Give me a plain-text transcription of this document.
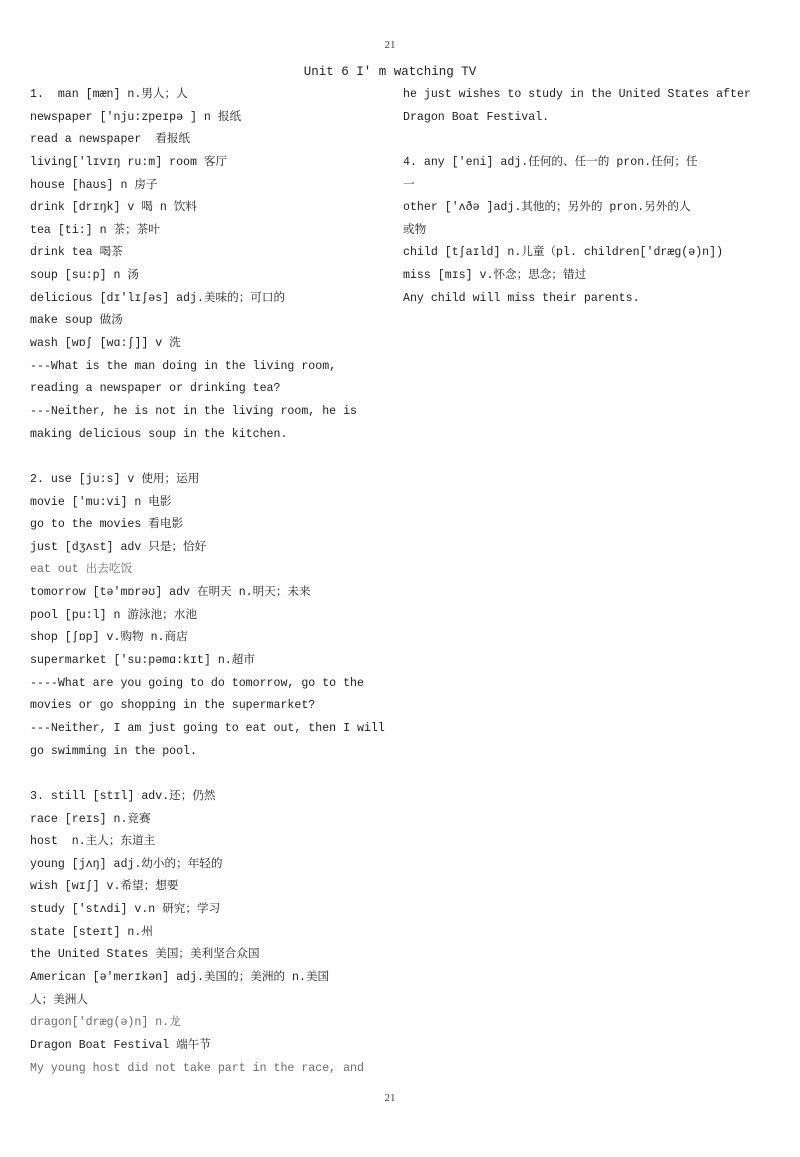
21
Unit 6 I' m watching TV
1.  man [mæn] n.男人；人
newspaper ['nju:zpeɪpə ] n 报纸
read a newspaper  看报纸
living['lɪvɪŋ ru:m] room 客厅
house [haʊs] n 房子
drink [drɪŋk] v 喝 n 饮料
tea [ti:] n 茶；茶叶
drink tea 喝茶
soup [su:p] n 汤
delicious [dɪ'lɪʃəs] adj.美味的；可口的
make soup 做汤
wash [wɒʃ [wɑ:ʃ]] v 洗
---What is the man doing in the living room,
reading a newspaper or drinking tea?
---Neither, he is not in the living room, he is
making delicious soup in the kitchen.
2. use [ju:s] v 使用；运用
movie ['mu:vi] n 电影
go to the movies 看电影
just [dʒʌst] adv 只是；恰好
eat out 出去吃饭
tomorrow [tə'mɒrəʊ] adv 在明天 n.明天；未来
pool [pu:l] n 游泳池；水池
shop [ʃɒp] v.购物 n.商店
supermarket ['su:pəmɑ:kɪt] n.超市
----What are you going to do tomorrow, go to the
movies or go shopping in the supermarket?
---Neither, I am just going to eat out, then I will
go swimming in the pool.
3. still [stɪl] adv.还；仍然
race [reɪs] n.竞赛
host  n.主人；东道主
young [jʌŋ] adj.幼小的；年轻的
wish [wɪʃ] v.希望；想要
study ['stʌdi] v.n 研究；学习
state [steɪt] n.州
the United States 美国；美利坚合众国
American [ə'merɪkən] adj.美国的；美洲的 n.美国
人；美洲人
dragon['dræg(ə)n] n.龙
Dragon Boat Festival 端午节
My young host did not take part in the race, and
he just wishes to study in the United States after
Dragon Boat Festival.
4. any ['eni] adj.任何的、任一的 pron.任何；任
一
other ['ʌðə ]adj.其他的；另外的 pron.另外的人
或物
child [tʃaɪld] n.儿童（pl. children['dræg(ə)n])
miss [mɪs] v.怀念；思念；错过
Any child will miss their parents.
21
